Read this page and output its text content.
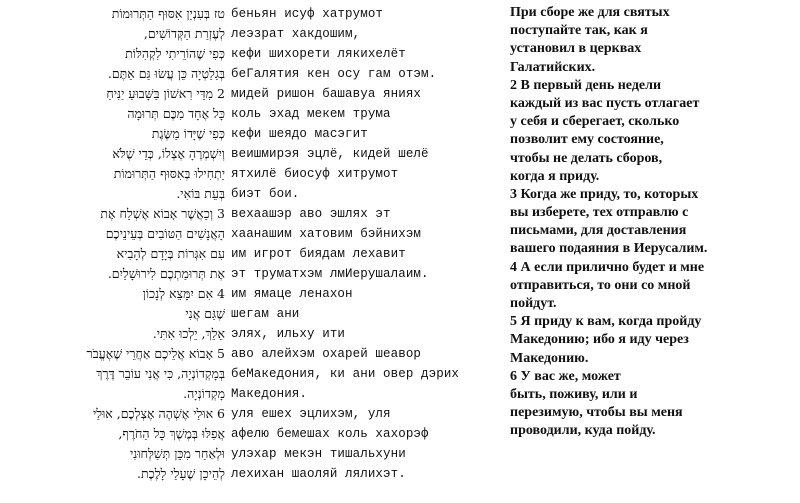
טז בְּעִנְיַן אִסּוּף הַתְּרוּמוֹת
לְעֶזְרַת הַקְּדוֹשִׁים,
כְּפִי שֶׁהוֹרֵיתִי לִקְהִלּוֹת
בְּגַלַטְיָה כֵּן עֲשׂוּ גַּם אַתֶּם.
2 מִדֵּי רִאשׁוֹן בַּשָּׁבוּעַ יַנִּיחַ
כָּל אֶחָד מִכֶּם תְּרוּמָה
כְּפִי שֶׁיָּדוֹ מַשֶּׂגֶת
וְיִשְׁמְרֶהָ אֶצְלוֹ, כְּדֵי שֶׁלֹּא
יַתְחִילוּ בְּאִסּוּף הַתְּרוּמוֹת
בְּעֵת בּוֹאִי.
3 וְכַאֲשֶׁר אָבוֹא אֶשְׁלַח אֶת
הָאֲנָשִׁים הַטּוֹבִים בְּעֵינֵיכֶם
עִם אִגְּרוֹת בְּיָדָם לְהָבִיא
אֶת תְּרוּמַתְכֶם לִירוּשָׁלַיִם.
4 אִם יִמָּצֵא לְנָכוֹן
שֶׁגַּם אֲנִי
אֵלֵךְ, יֵלְכוּ אִתִּי.
5 אָבוֹא אֲלֵיכֶם אַחֲרֵי שֶׁאֶעֱבֹר
בְּמָקְדוֹנְיָה, כִּי אֲנִי עוֹבֵר דֶּרֶךְ
מָקְדוֹנְיָה.
6 אוּלַי אֶשְׁהֶה אֶצְלְכֶם, אוּלַי
אֲפִלּוּ בְּמֶשֶׁךְ כָּל הַחֹרֶף,
וּלְאַחַר מִכֵּן תְּשַׁלְּחוּנִי
לְהֵיכָן שֶׁעָלַי לָלֶכֶת.
беньян исуф хатрумот
леэзрат хакдошим,
кефи шихорети лякихелёт
беГалятия кен осу гам отэм.
мидей ришон башавуа яниях
коль эхад мекем трума
кефи шеядо масэгит
веишмирэя эцлё, кидей шелё
ятхилё биосуф хитрумот
биэт бои.
вехаашэр аво эшлях эт
хаанашим хатовим бэйнихэм
им игрот биядам лехавит
эт труматхэм лмИерушалаим.
им ямаце ленахон
шегам ани
элях, ильху ити
аво алейхэм охарей шеавор
беМакедония, ки ани овер дэрих
Македония.
уля ешех эцлихэм, уля
афелю бемешах коль хахорэф
улэхар мекэн тишальхуни
лехихан шаоляй лялихэт.
При сборе же для святых
поступайте так, как я
установил в церквах
Галатийских.
2 В первый день недели
каждый из вас пусть отлагает
у себя и сберегает, сколько
позволит ему состояние,
чтобы не делать сборов,
когда я приду.
3 Когда же приду, то, которых
вы изберете, тех отправлю с
письмами, для доставления
вашего подаяния в Иерусалим.
4 А если прилично будет и мне
отправиться, то они со мной
пойдут.
5 Я приду к вам, когда пройду
Македонию; ибо я иду через
Македонию.
6 У вас же, может
быть, поживу, или и
перезимую, чтобы вы меня
проводили, куда пойду.
